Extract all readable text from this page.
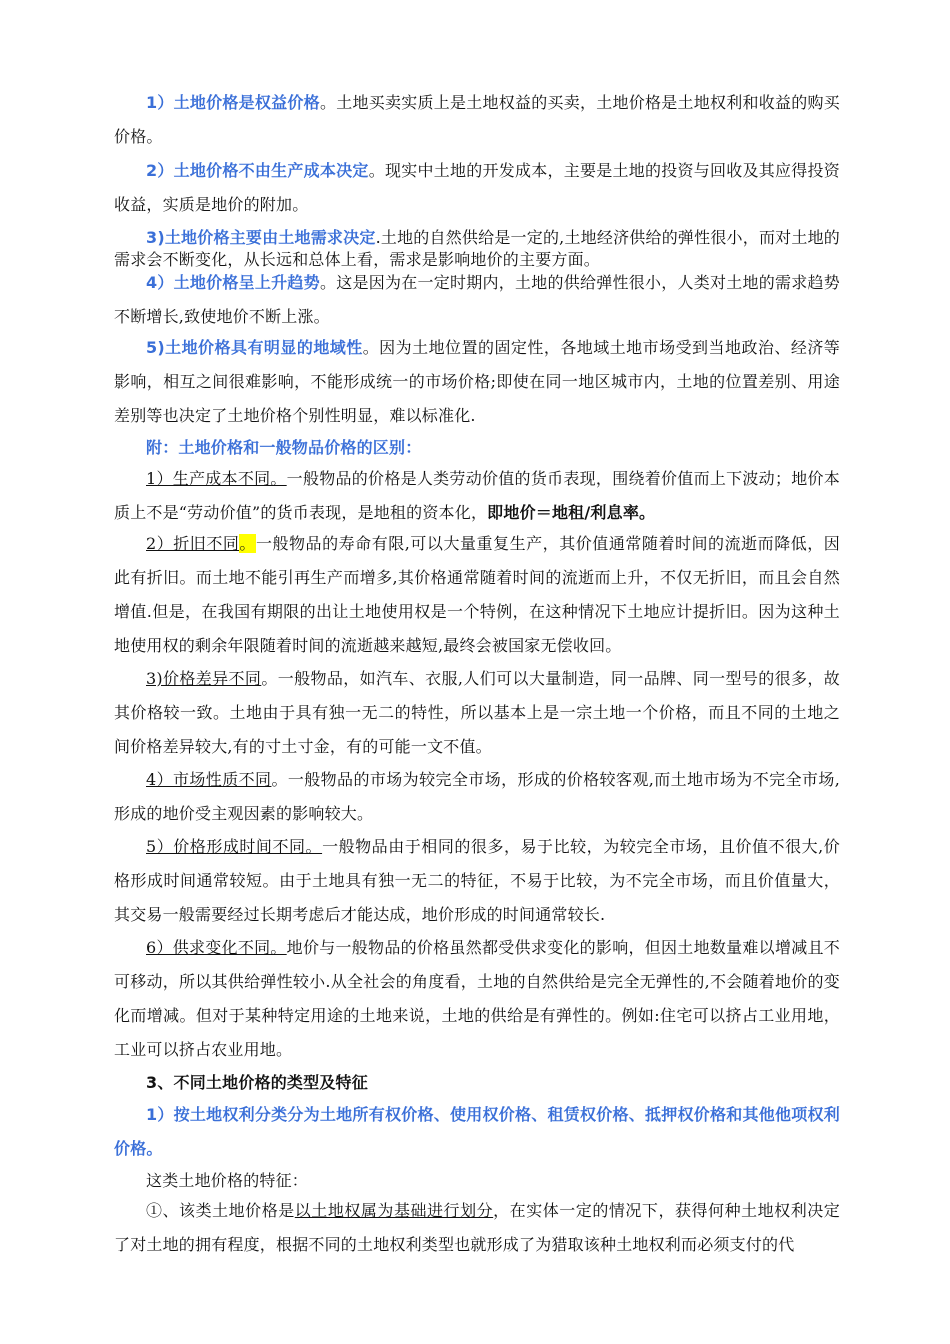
1）土地价格是权益价格。土地买卖实质上是土地权益的买卖，土地价格是土地权利和收益的购买价格。

2）土地价格不由生产成本决定。现实中土地的开发成本，主要是土地的投资与回收及其应得投资收益，实质是地价的附加。

3)土地价格主要由土地需求决定.土地的自然供给是一定的,土地经济供给的弹性很小，而对土地的需求会不断变化，从长远和总体上看，需求是影响地价的主要方面。

4）土地价格呈上升趋势。这是因为在一定时期内，土地的供给弹性很小，人类对土地的需求趋势不断增长,致使地价不断上涨。

5)土地价格具有明显的地域性。因为土地位置的固定性，各地域土地市场受到当地政治、经济等影响，相互之间很难影响，不能形成统一的市场价格;即使在同一地区城市内，土地的位置差别、用途差别等也决定了土地价格个别性明显，难以标准化.

附：土地价格和一般物品价格的区别：

1）生产成本不同。一般物品的价格是人类劳动价值的货币表现，围绕着价值而上下波动；地价本质上不是“劳动价值”的货币表现，是地租的资本化，即地价＝地租/利息率。

2）折旧不同。一般物品的寿命有限,可以大量重复生产，其价值通常随着时间的流逝而降低，因此有折旧。而土地不能引再生产而增多,其价格通常随着时间的流逝而上升，不仅无折旧，而且会自然增值.但是，在我国有期限的出让土地使用权是一个特例，在这种情况下土地应计提折旧。因为这种土地使用权的剩余年限随着时间的流逝越来越短,最终会被国家无偿收回。

3)价格差异不同。一般物品，如汽车、衣服,人们可以大量制造，同一品牌、同一型号的很多，故其价格较一致。土地由于具有独一无二的特性，所以基本上是一宗土地一个价格，而且不同的土地之间价格差异较大,有的寸土寸金，有的可能一文不值。

4）市场性质不同。一般物品的市场为较完全市场，形成的价格较客观,而土地市场为不完全市场,形成的地价受主观因素的影响较大。

5）价格形成时间不同。一般物品由于相同的很多，易于比较，为较完全市场，且价值不很大,价格形成时间通常较短。由于土地具有独一无二的特征，不易于比较，为不完全市场，而且价值量大，其交易一般需要经过长期考虑后才能达成，地价形成的时间通常较长.

6）供求变化不同。地价与一般物品的价格虽然都受供求变化的影响，但因土地数量难以增减且不可移动，所以其供给弹性较小.从全社会的角度看，土地的自然供给是完全无弹性的,不会随着地价的变化而增减。但对于某种特定用途的土地来说，土地的供给是有弹性的。例如:住宅可以挤占工业用地，工业可以挤占农业用地。

3、不同土地价格的类型及特征

1）按土地权利分类分为土地所有权价格、使用权价格、租赁权价格、抵押权价格和其他他项权利价格。

这类土地价格的特征：

①、该类土地价格是以土地权属为基础进行划分，在实体一定的情况下，获得何种土地权利决定了对土地的拥有程度，根据不同的土地权利类型也就形成了为猎取该种土地权利而必须支付的代
